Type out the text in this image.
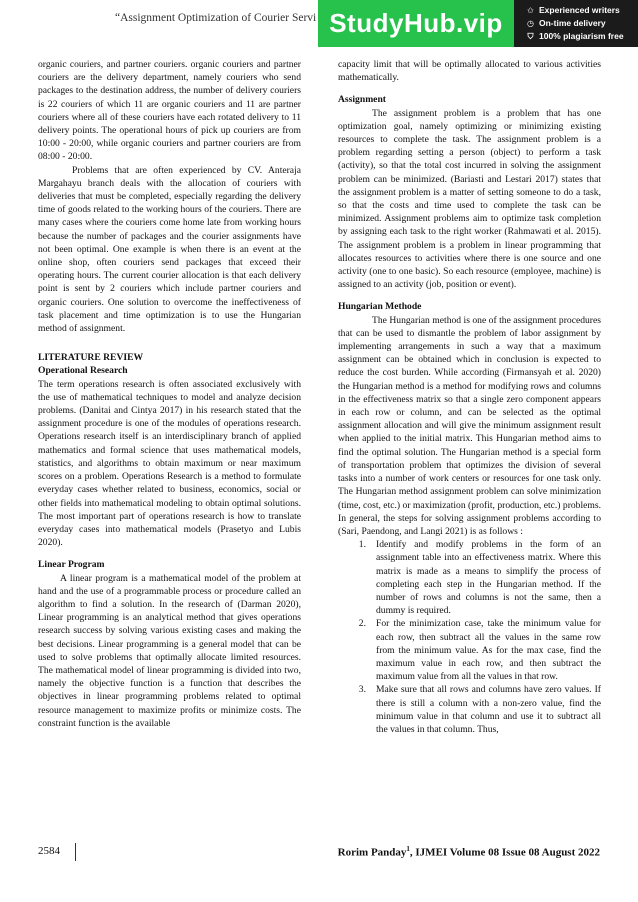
“Assignment Optimization of Courier Servi StudyHub.vip	✩ Experienced writers
◷ On-time delivery
⛉ 100% plagiarism free

organic couriers, and partner couriers. organic couriers and partner couriers are the delivery department, namely couriers who send packages to the destination address, the number of delivery couriers is 22 couriers of which 11 are organic couriers and 11 are partner couriers where all of these couriers have each rotated delivery to 11 delivery points. The operational hours of pick up couriers are from 10:00 - 20:00, while organic couriers and partner couriers are from 08:00 - 20:00.

Problems that are often experienced by CV. Anteraja Margahayu branch deals with the allocation of couriers with deliveries that must be completed, especially regarding the delivery time of goods related to the working hours of the couriers. There are many cases where the couriers come home late from working hours because the number of packages and the courier assignments have not been optimal. One example is when there is an event at the online shop, often couriers send packages that exceed their operating hours. The current courier allocation is that each delivery point is sent by 2 couriers which include partner couriers and organic couriers. One solution to overcome the ineffectiveness of task placement and time optimization is to use the Hungarian method of assignment.

LITERATURE REVIEW
Operational Research

The term operations research is often associated exclusively with the use of mathematical techniques to model and analyze decision problems. (Danitai and Cintya 2017) in his research stated that the assignment procedure is one of the modules of operations research. Operations research itself is an interdisciplinary branch of applied mathematics and formal science that uses mathematical models, statistics, and algorithms to obtain maximum or near maximum scores on a problem. Operations Research is a method to formulate everyday cases whether related to business, economics, social or other fields into mathematical modeling to obtain optimal solutions. The most important part of operations research is how to translate everyday cases into mathematical models (Prasetyo and Lubis 2020).

Linear Program

A linear program is a mathematical model of the problem at hand and the use of a programmable process or procedure called an algorithm to find a solution. In the research of (Darman 2020), Linear programming is an analytical method that gives operations research success by solving various existing cases and making the best decisions. Linear programming is a general model that can be used to solve problems that optimally allocate limited resources. The mathematical model of linear programming is divided into two, namely the objective function is a function that describes the objectives in linear programming problems related to optimal resource management to maximize profits or minimize costs. The constraint function is the available

capacity limit that will be optimally allocated to various activities mathematically.

Assignment

The assignment problem is a problem that has one optimization goal, namely optimizing or minimizing existing resources to complete the task. The assignment problem is a problem regarding setting a person (object) to perform a task (activity), so that the total cost incurred in solving the assignment problem can be minimized. (Bariasti and Lestari 2017) states that the assignment problem is a matter of setting someone to do a task, so that the costs and time used to complete the task can be minimized. Assignment problems aim to optimize task completion by assigning each task to the right worker (Rahmawati et al. 2015). The assignment problem is a problem in linear programming that allocates resources to activities where there is one source and one activity (one to one basic). So each resource (employee, machine) is assigned to an activity (job, position or event).

Hungarian Methode

The Hungarian method is one of the assignment procedures that can be used to dismantle the problem of labor assignment by implementing arrangements in such a way that a maximum assignment can be obtained which in conclusion is expected to reduce the cost burden. While according (Firmansyah et al. 2020) the Hungarian method is a method for modifying rows and columns in the effectiveness matrix so that a single zero component appears in each row or column, and can be selected as the optimal assignment allocation and will give the minimum assignment result when applied to the initial matrix. This Hungarian method aims to find the optimal solution. The Hungarian method is a special form of transportation problem that optimizes the division of several tasks into a number of work centers or resources for one task only. The Hungarian method assignment problem can solve minimization (time, cost, etc.) or maximization (profit, production, etc.) problems. In general, the steps for solving assignment problems according to (Sari, Paendong, and Langi 2021) is as follows :

1.	Identify and modify problems in the form of an assignment table into an effectiveness matrix. Where this matrix is made as a means to simplify the process of completing each step in the Hungarian method. If the number of rows and columns is not the same, then a dummy is required.
2.	For the minimization case, take the minimum value for each row, then subtract all the values in the same row from the minimum value. As for the max case, find the maximum value in each row, and then subtract the maximum value from all the values in that row.
3.	Make sure that all rows and columns have zero values. If there is still a column with a non-zero value, find the minimum value in that column and use it to subtract all the values in that column. Thus,
2584	Rorim Panday$^1$, IJMEI Volume 08 Issue 08 August 2022
